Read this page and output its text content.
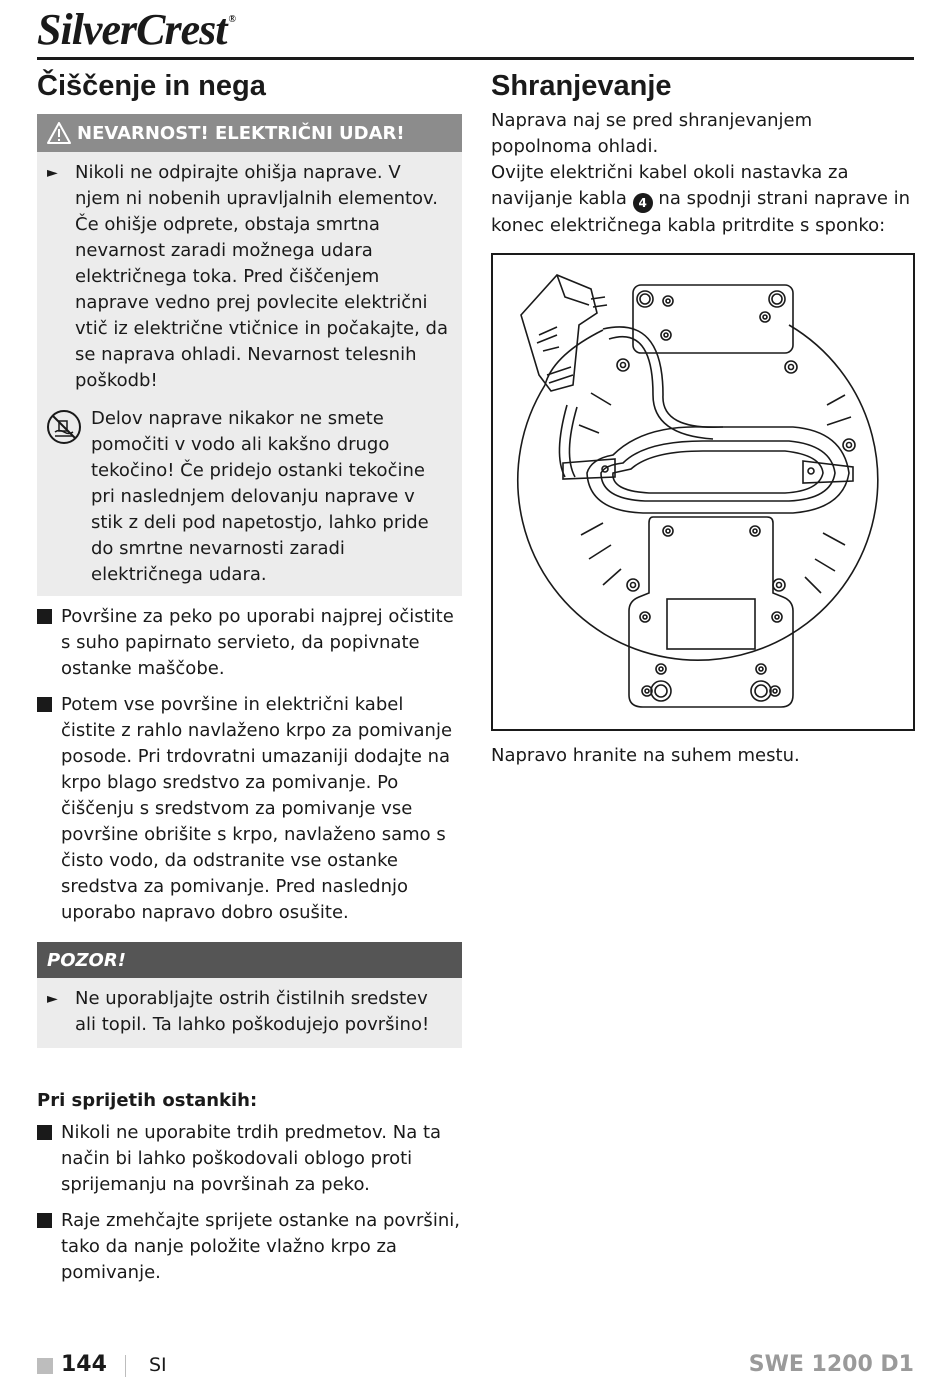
SilverCrest ®
Čiščenje in nega
NEVARNOST! ELEKTRIČNI UDAR!
► Nikoli ne odpirajte ohišja naprave. V njem ni nobenih upravljalnih elementov. Če ohišje odprete, obstaja smrtna nevarnost zaradi možnega udara električnega toka. Pred čiščenjem naprave vedno prej povlecite električni vtič iz električne vtičnice in počakajte, da se naprava ohladi. Nevarnost telesnih poškodb!
Delov naprave nikakor ne smete pomočiti v vodo ali kakšno drugo tekočino! Če pridejo ostanki tekočine pri naslednjem delovanju naprave v stik z deli pod napetostjo, lahko pride do smrtne nevarnosti zaradi električnega udara.
Površine za peko po uporabi najprej očistite s suho papirnato servieto, da popivnate ostanke maščobe.
Potem vse površine in električni kabel čistite z rahlo navlaženo krpo za pomivanje posode. Pri trdovratni umazaniji dodajte na krpo blago sredstvo za pomivanje. Po čiščenju s sredstvom za pomivanje vse površine obrišite s krpo, navlaženo samo s čisto vodo, da odstranite vse ostanke sredstva za pomivanje. Pred naslednjo uporabo napravo dobro osušite.
POZOR!
► Ne uporabljajte ostrih čistilnih sredstev ali topil. Ta lahko poškodujejo površino!
Pri sprijetih ostankih:
Nikoli ne uporabite trdih predmetov. Na ta način bi lahko poškodovali oblogo proti sprijemanju na površinah za peko.
Raje zmehčajte sprijete ostanke na površini, tako da nanje položite vlažno krpo za pomivanje.
Shranjevanje
Naprava naj se pred shranjevanjem popolnoma ohladi.
Ovijte električni kabel okoli nastavka za navijanje kabla 4 na spodnji strani naprave in konec električnega kabla pritrdite s sponko:
Napravo hranite na suhem mestu.
144 SI	SWE 1200 D1
